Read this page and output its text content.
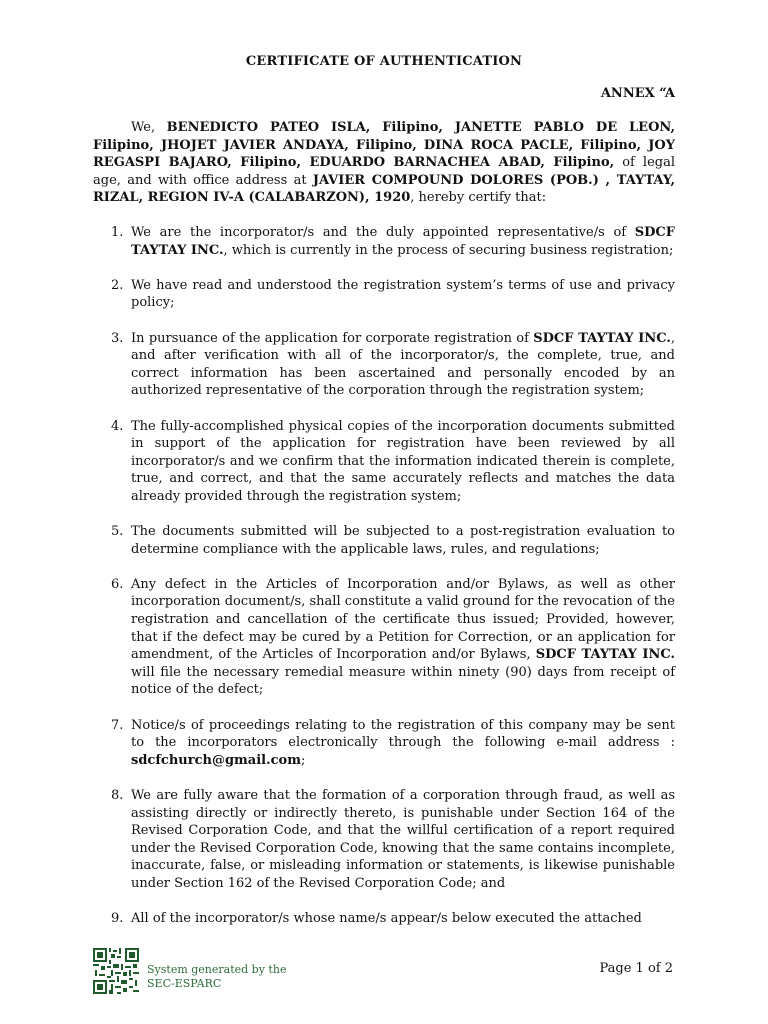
CERTIFICATE OF AUTHENTICATION
ANNEX “A

We, BENEDICTO PATEO ISLA, Filipino, JANETTE PABLO DE LEON, Filipino, JHOJET JAVIER ANDAYA, Filipino, DINA ROCA PACLE, Filipino, JOY REGASPI BAJARO, Filipino, EDUARDO BARNACHEA ABAD, Filipino, of legal age, and with office address at JAVIER COMPOUND DOLORES (POB.) , TAYTAY, RIZAL, REGION IV-A (CALABARZON), 1920, hereby certify that:

1. We are the incorporator/s and the duly appointed representative/s of SDCF TAYTAY INC., which is currently in the process of securing business registration;
2. We have read and understood the registration system’s terms of use and privacy policy;
3. In pursuance of the application for corporate registration of SDCF TAYTAY INC., and after verification with all of the incorporator/s, the complete, true, and correct information has been ascertained and personally encoded by an authorized representative of the corporation through the registration system;
4. The fully-accomplished physical copies of the incorporation documents submitted in support of the application for registration have been reviewed by all incorporator/s and we confirm that the information indicated therein is complete, true, and correct, and that the same accurately reflects and matches the data already provided through the registration system;
5. The documents submitted will be subjected to a post-registration evaluation to determine compliance with the applicable laws, rules, and regulations;
6. Any defect in the Articles of Incorporation and/or Bylaws, as well as other incorporation document/s, shall constitute a valid ground for the revocation of the registration and cancellation of the certificate thus issued; Provided, however, that if the defect may be cured by a Petition for Correction, or an application for amendment, of the Articles of Incorporation and/or Bylaws, SDCF TAYTAY INC. will file the necessary remedial measure within ninety (90) days from receipt of notice of the defect;
7. Notice/s of proceedings relating to the registration of this company may be sent to the incorporators electronically through the following e-mail address : sdcfchurch@gmail.com;
8. We are fully aware that the formation of a corporation through fraud, as well as assisting directly or indirectly thereto, is punishable under Section 164 of the Revised Corporation Code, and that the willful certification of a report required under the Revised Corporation Code, knowing that the same contains incomplete, inaccurate, false, or misleading information or statements, is likewise punishable under Section 162 of the Revised Corporation Code; and
9. All of the incorporator/s whose name/s appear/s below executed the attached
System generated by the
SEC-ESPARC
Page 1 of 2
